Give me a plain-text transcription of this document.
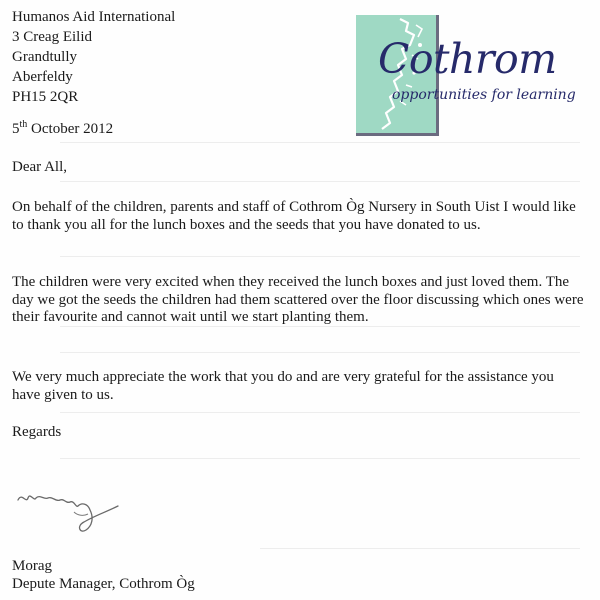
Humanos Aid International
3 Creag Eilid
Grandtully
Aberfeldy
PH15 2QR
Cothrom
opportunities for learning
5th October 2012
Dear All,

On behalf of the children, parents and staff of Cothrom Òg Nursery in South Uist I would like to thank you all for the lunch boxes and the seeds that you have donated to us.

The children were very excited when they received the lunch boxes and just loved them. The day we got the seeds the children had them scattered over the floor discussing which ones were their favourite and cannot wait until we start planting them.

We very much appreciate the work that you do and are very grateful for the assistance you have given to us.

Regards
Morag
Depute Manager, Cothrom Òg
